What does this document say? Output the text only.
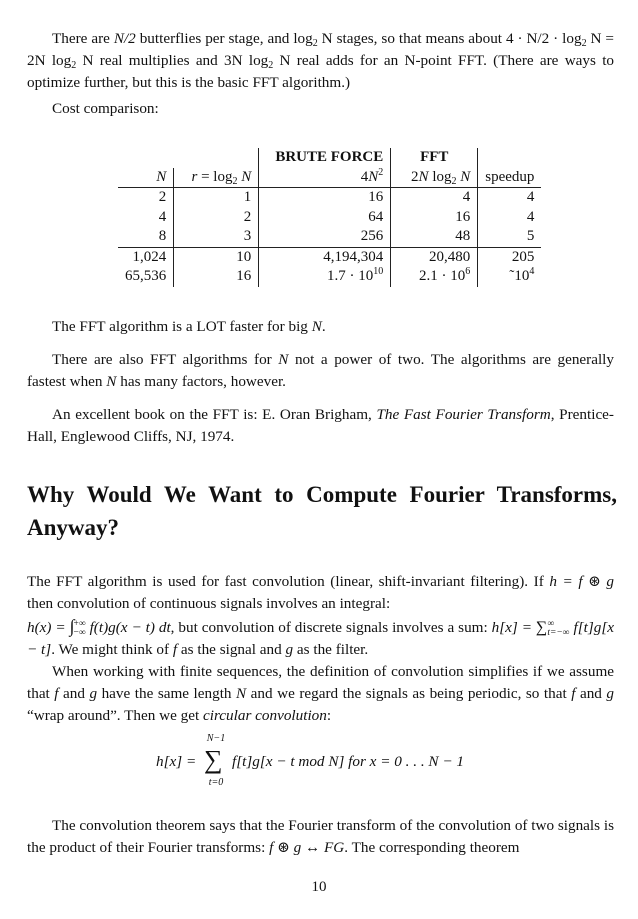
There are N/2 butterflies per stage, and $\log_2 N$ stages, so that means about $4 \cdot N/2 \cdot \log_2 N = 2N$ $\log_2 N$ real multiplies and 3N $\log_2 N$ real adds for an N-point FFT. (There are ways to optimize further, but this is the basic FFT algorithm.)

Cost comparison:

		BRUTE FORCE	FFT	
N	$r = \log_2 N$	$4N^2$	2N $\log_2 N$	speedup
2	1	16	4	4
4	2	64	16	4
8	3	256	48	5
1,024	10	4,194,304	20,480	205
65,536	16	$1.7 \cdot 10^{10}$	$2.1 \cdot 10^6$	$˜10^4$

The FFT algorithm is a LOT faster for big N.

There are also FFT algorithms for N not a power of two. The algorithms are generally fastest when N has many factors, however.

An excellent book on the FFT is: E. Oran Brigham, The Fast Fourier Transform, Prentice-Hall, Englewood Cliffs, NJ, 1974.

Why Would We Want to Compute Fourier Transforms, Anyway?

The FFT algorithm is used for fast convolution (linear, shift-invariant filtering). If h = f ⊛ g then convolution of continuous signals involves an integral:
h(x) = ∫+∞
−∞ f(t)g(x − t) dt, but convolution of discrete signals involves a sum: h[x] = ∑∞
t=−∞ f[t]g[x − t]. We might think of f as the signal and g as the filter.

When working with finite sequences, the definition of convolution simplifies if we assume that f and g have the same length N and we regard the signals as being periodic, so that f and g “wrap around”. Then we get circular convolution:

h[x] =
N−1
∑
t=0
f[t]g[x − t mod N] for x = 0 . . . N − 1

The convolution theorem says that the Fourier transform of the convolution of two signals is the product of their Fourier transforms: f ⊛ g ↔ FG. The corresponding theorem

10
